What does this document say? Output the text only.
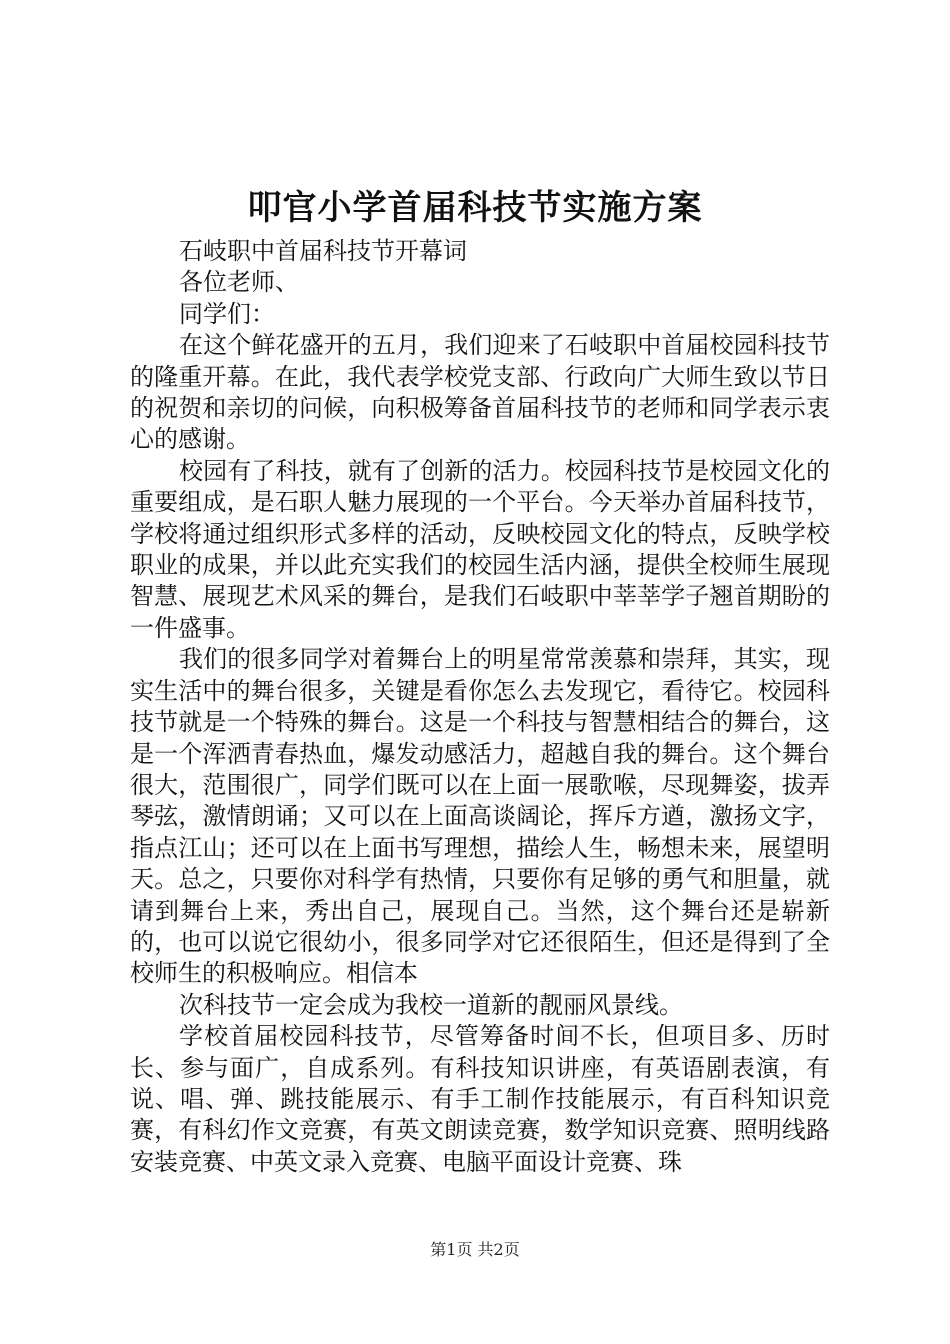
叩官小学首届科技节实施方案

石岐职中首届科技节开幕词

各位老师、

同学们：

在这个鲜花盛开的五月，我们迎来了石岐职中首届校园科技节的隆重开幕。在此，我代表学校党支部、行政向广大师生致以节日的祝贺和亲切的问候，向积极筹备首届科技节的老师和同学表示衷心的感谢。

校园有了科技，就有了创新的活力。校园科技节是校园文化的重要组成，是石职人魅力展现的一个平台。今天举办首届科技节，学校将通过组织形式多样的活动，反映校园文化的特点，反映学校职业的成果，并以此充实我们的校园生活内涵，提供全校师生展现智慧、展现艺术风采的舞台，是我们石岐职中莘莘学子翘首期盼的一件盛事。

我们的很多同学对着舞台上的明星常常羡慕和崇拜，其实，现实生活中的舞台很多，关键是看你怎么去发现它，看待它。校园科技节就是一个特殊的舞台。这是一个科技与智慧相结合的舞台，这是一个浑洒青春热血，爆发动感活力，超越自我的舞台。这个舞台很大，范围很广，同学们既可以在上面一展歌喉，尽现舞姿，拔弄琴弦，激情朗诵；又可以在上面高谈阔论，挥斥方遒，激扬文字，指点江山；还可以在上面书写理想，描绘人生，畅想未来，展望明天。总之，只要你对科学有热情，只要你有足够的勇气和胆量，就请到舞台上来，秀出自己，展现自己。当然，这个舞台还是崭新的，也可以说它很幼小，很多同学对它还很陌生，但还是得到了全校师生的积极响应。相信本

次科技节一定会成为我校一道新的靓丽风景线。

学校首届校园科技节，尽管筹备时间不长，但项目多、历时长、参与面广，自成系列。有科技知识讲座，有英语剧表演，有说、唱、弹、跳技能展示、有手工制作技能展示，有百科知识竞赛，有科幻作文竞赛，有英文朗读竞赛，数学知识竞赛、照明线路安装竞赛、中英文录入竞赛、电脑平面设计竞赛、珠

第1页 共2页
